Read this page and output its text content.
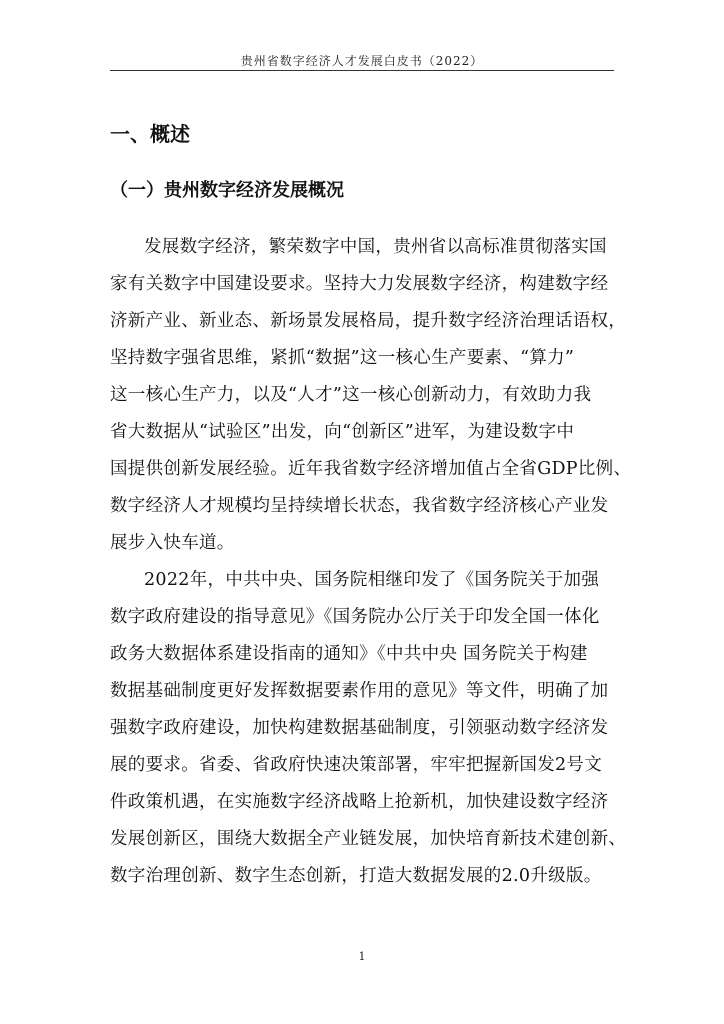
贵州省数字经济人才发展白皮书（2022）
一、概述
（一）贵州数字经济发展概况
发展数字经济，繁荣数字中国，贵州省以高标准贯彻落实国
家有关数字中国建设要求。坚持大力发展数字经济，构建数字经
济新产业、新业态、新场景发展格局，提升数字经济治理话语权，
坚持数字强省思维，紧抓“数据”这一核心生产要素、“算力”
这一核心生产力，以及“人才”这一核心创新动力，有效助力我
省大数据从“试验区”出发，向“创新区”进军，为建设数字中
国提供创新发展经验。近年我省数字经济增加值占全省GDP比例、
数字经济人才规模均呈持续增长状态，我省数字经济核心产业发
展步入快车道。
2022年，中共中央、国务院相继印发了《国务院关于加强
数字政府建设的指导意见》《国务院办公厅关于印发全国一体化
政务大数据体系建设指南的通知》《中共中央 国务院关于构建
数据基础制度更好发挥数据要素作用的意见》等文件，明确了加
强数字政府建设，加快构建数据基础制度，引领驱动数字经济发
展的要求。省委、省政府快速决策部署，牢牢把握新国发2号文
件政策机遇，在实施数字经济战略上抢新机，加快建设数字经济
发展创新区，围绕大数据全产业链发展，加快培育新技术建创新、
数字治理创新、数字生态创新，打造大数据发展的2.0升级版。
1
